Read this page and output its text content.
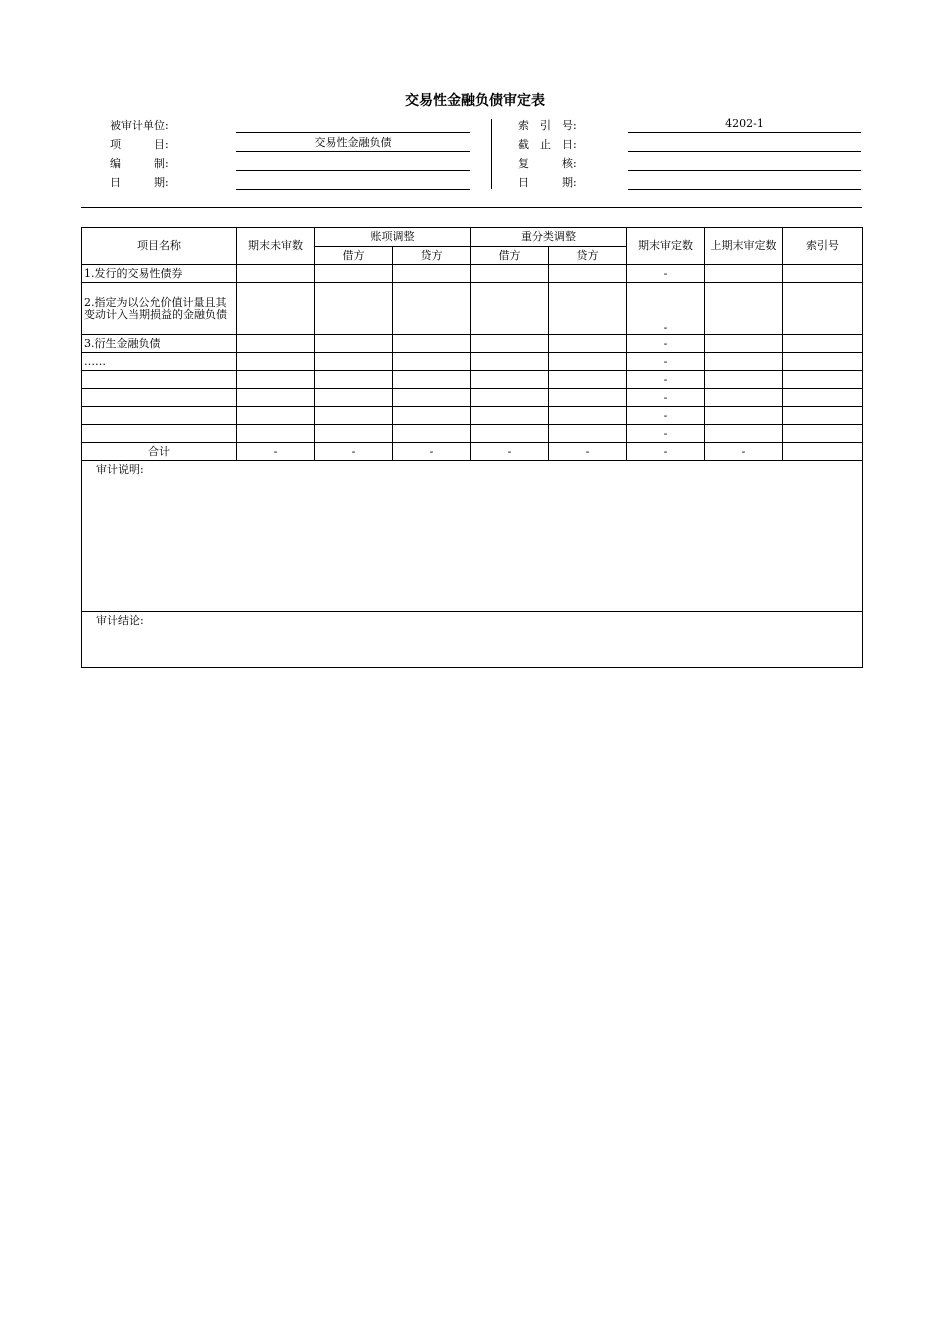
交易性金融负债审定表
被审计单位:
项　　　目:	交易性金融负债
编　　　制:
日　　　期:
索　引　号:	4202-1
截　止　日:
复　　　核:
日　　　期:
项目名称	期末未审数	账项调整		重分类调整		期末审定数	上期末审定数	索引号
		借方	贷方	借方	贷方			
1.发行的交易性债券						-		
2.指定为以公允价值计量且其变动计入当期损益的金融负债						-		
3.衍生金融负债						-		
……						-		
						-		
						-		
						-		
						-		
合计	-	-	-	-	-	-	-	
审计说明:								
审计结论:								
